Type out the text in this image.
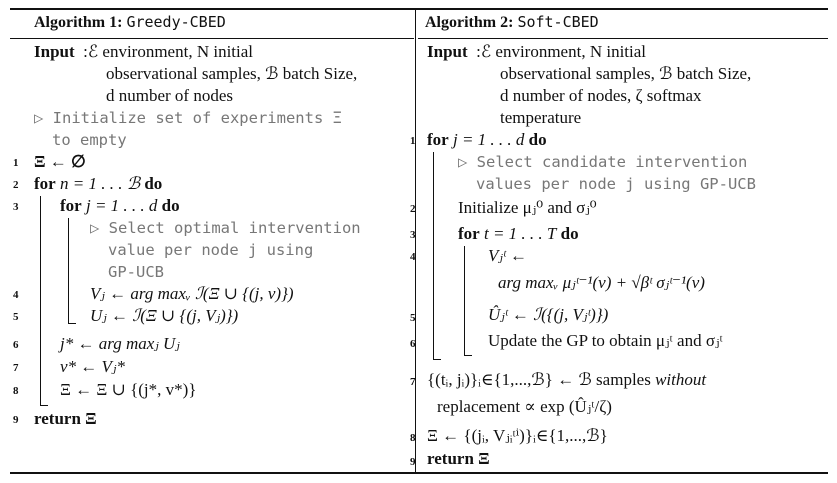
Algorithm 1: Greedy-CBED
Input :ℰ environment, N initial
observational samples, ℬ batch Size,
d number of nodes
▷ Initialize set of experiments Ξ
to empty
1 Ξ ← ∅
2 for n = 1 . . . ℬ do
3 for j = 1 . . . d do
▷ Select optimal intervention
value per node j using
GP-UCB
4	Vⱼ ← arg maxᵥ ℐ(Ξ ∪ {(j, v)})
5	Uⱼ ← ℐ(Ξ ∪ {(j, Vⱼ)})
6 j* ← arg maxⱼ Uⱼ
7 v* ← Vⱼ*
8 Ξ ← Ξ ∪ {(j*, v*)}
9 return Ξ
Algorithm 2: Soft-CBED
Input :ℰ environment, N initial
observational samples, ℬ batch Size,
d number of nodes, ζ softmax
temperature
1 for j = 1 . . . d do
▷ Select candidate intervention
values per node j using GP-UCB
2	Initialize μⱼ⁰ and σⱼ⁰
3	for t = 1 . . . T do
4	Vⱼᵗ ←
arg maxᵥ μⱼᵗ⁻¹(v) + √βᵗ σⱼᵗ⁻¹(v)
5	Ûⱼᵗ ← ℐ({(j, Vⱼᵗ)})
6	Update the GP to obtain μⱼᵗ and σⱼᵗ
7 {(tᵢ, jᵢ)}ᵢ∈{1,...,ℬ} ← ℬ samples without
replacement ∝ exp (Ûⱼᵗ/ζ)
8 Ξ ← {(jᵢ, Vⱼᵢᵗⁱ)}ᵢ∈{1,...,ℬ}
9 return Ξ
